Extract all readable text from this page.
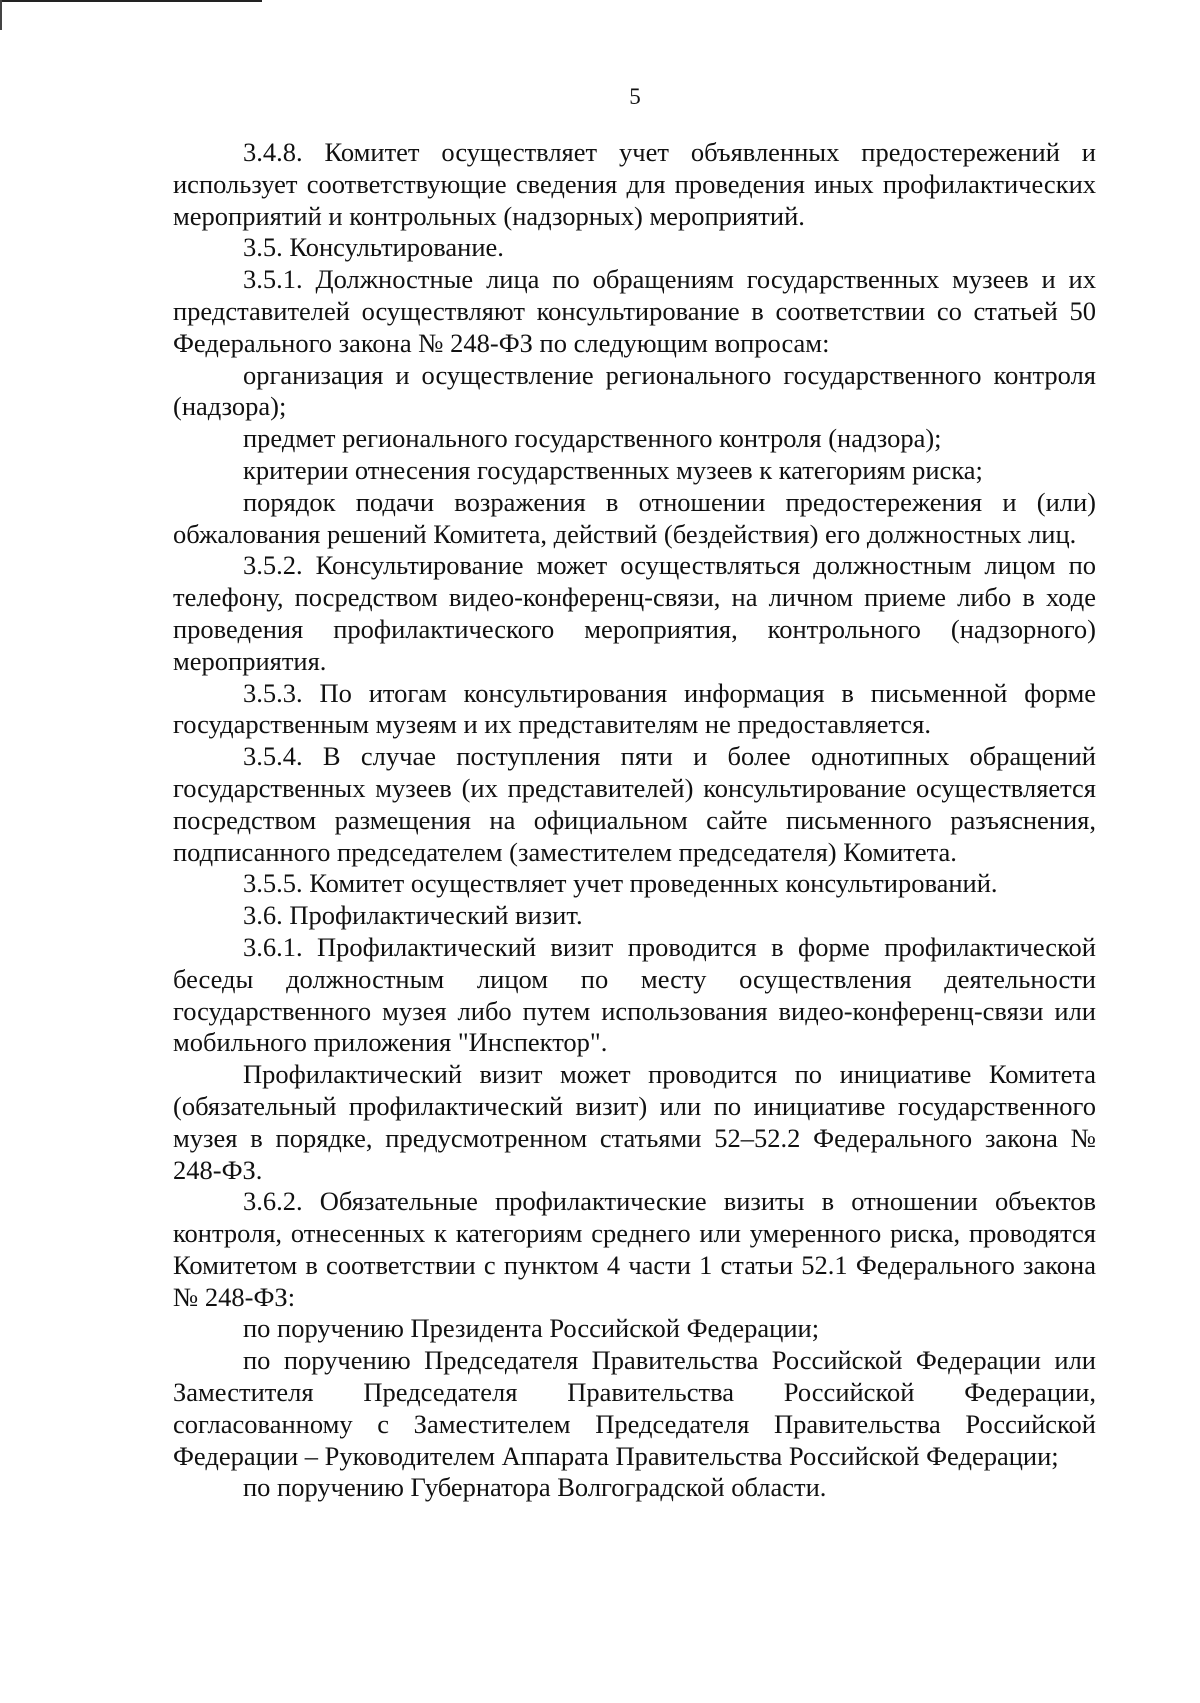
5

3.4.8. Комитет осуществляет учет объявленных предостережений и использует соответствующие сведения для проведения иных профилактических мероприятий и контрольных (надзорных) мероприятий.

3.5. Консультирование.

3.5.1. Должностные лица по обращениям государственных музеев и их представителей осуществляют консультирование в соответствии со статьей 50 Федерального закона № 248-ФЗ по следующим вопросам:

организация и осуществление регионального государственного контроля (надзора);

предмет регионального государственного контроля (надзора);

критерии отнесения государственных музеев к категориям риска;

порядок подачи возражения в отношении предостережения и (или) обжалования решений Комитета, действий (бездействия) его должностных лиц.

3.5.2. Консультирование может осуществляться должностным лицом по телефону, посредством видео-конференц-связи, на личном приеме либо в ходе проведения профилактического мероприятия, контрольного (надзорного) мероприятия.

3.5.3. По итогам консультирования информация в письменной форме государственным музеям и их представителям не предоставляется.

3.5.4. В случае поступления пяти и более однотипных обращений государственных музеев (их представителей) консультирование осуществляется посредством размещения на официальном сайте письменного разъяснения, подписанного председателем (заместителем председателя) Комитета.

3.5.5. Комитет осуществляет учет проведенных консультирований.

3.6. Профилактический визит.

3.6.1. Профилактический визит проводится в форме профилактической беседы должностным лицом по месту осуществления деятельности государственного музея либо путем использования видео-конференц-связи или мобильного приложения "Инспектор".

Профилактический визит может проводится по инициативе Комитета (обязательный профилактический визит) или по инициативе государственного музея в порядке, предусмотренном статьями 52–52.2 Федерального закона № 248-ФЗ.

3.6.2. Обязательные профилактические визиты в отношении объектов контроля, отнесенных к категориям среднего или умеренного риска, проводятся Комитетом в соответствии с пунктом 4 части 1 статьи 52.1 Федерального закона № 248-ФЗ:

по поручению Президента Российской Федерации;

по поручению Председателя Правительства Российской Федерации или Заместителя Председателя Правительства Российской Федерации, согласованному с Заместителем Председателя Правительства Российской Федерации – Руководителем Аппарата Правительства Российской Федерации;

по поручению Губернатора Волгоградской области.
